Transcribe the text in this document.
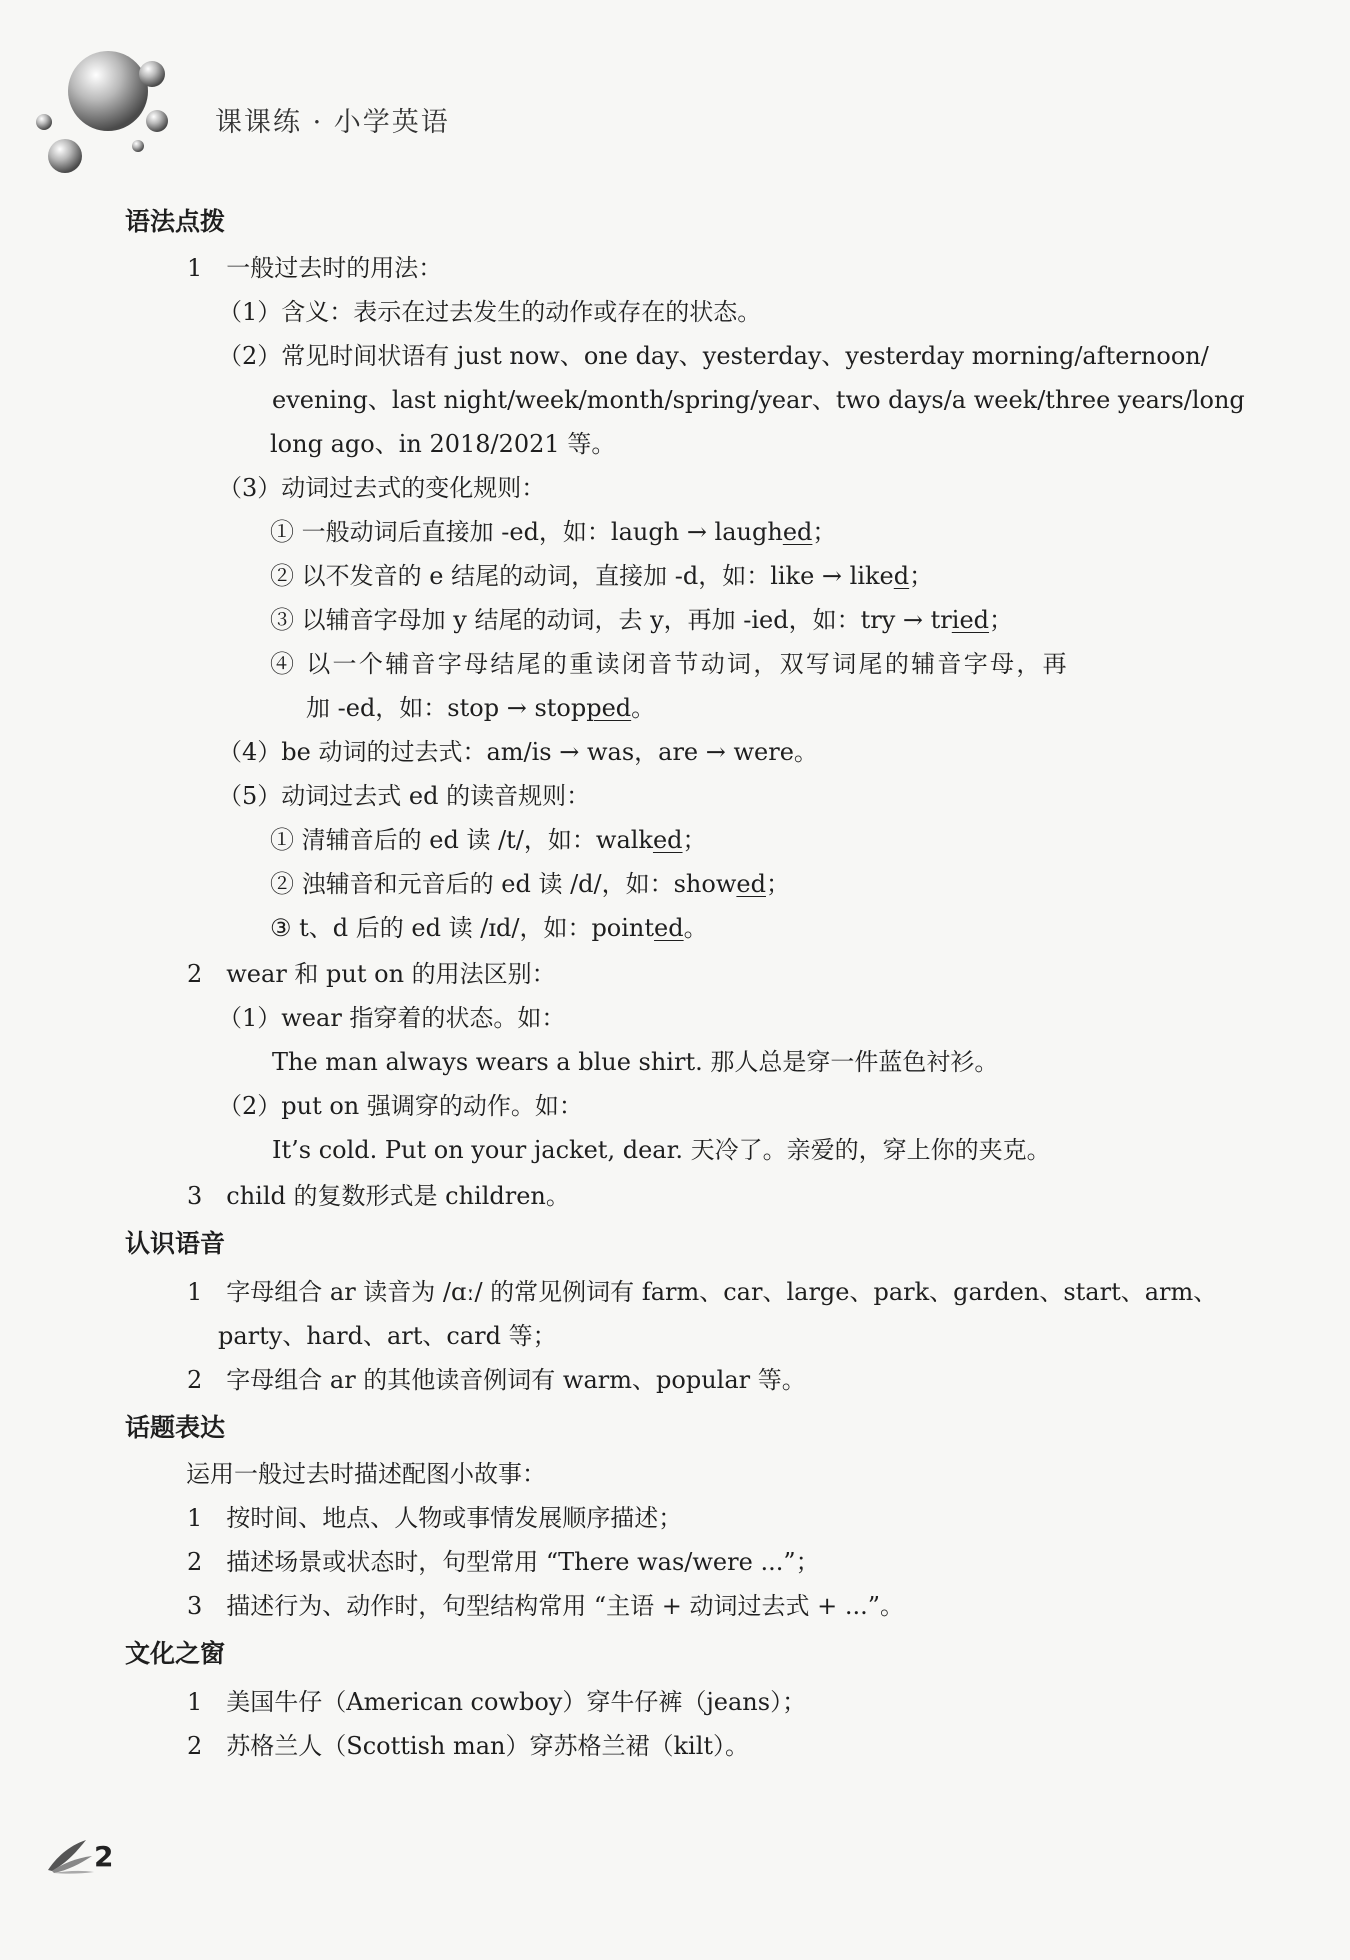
课课练 · 小学英语
语法点拨
1　一般过去时的用法：
（1）含义：表示在过去发生的动作或存在的状态。
（2）常见时间状语有 just now、one day、yesterday、yesterday morning/afternoon/
evening、last night/week/month/spring/year、two days/a week/three years/long
long ago、in 2018/2021 等。
（3）动词过去式的变化规则：
① 一般动词后直接加 -ed，如：laugh → laughed；
② 以不发音的 e 结尾的动词，直接加 -d，如：like → liked；
③ 以辅音字母加 y 结尾的动词，去 y，再加 -ied，如：try → tried；
④ 以一个辅音字母结尾的重读闭音节动词，双写词尾的辅音字母，再
加 -ed，如：stop → stopped。
（4）be 动词的过去式：am/is → was，are → were。
（5）动词过去式 ed 的读音规则：
① 清辅音后的 ed 读 /t/，如：walked；
② 浊辅音和元音后的 ed 读 /d/，如：showed；
③ t、d 后的 ed 读 /ɪd/，如：pointed。
2　wear 和 put on 的用法区别：
（1）wear 指穿着的状态。如：
The man always wears a blue shirt. 那人总是穿一件蓝色衬衫。
（2）put on 强调穿的动作。如：
It’s cold. Put on your jacket, dear. 天冷了。亲爱的，穿上你的夹克。
3　child 的复数形式是 children。
认识语音
1　字母组合 ar 读音为 /ɑː/ 的常见例词有 farm、car、large、park、garden、start、arm、
party、hard、art、card 等；
2　字母组合 ar 的其他读音例词有 warm、popular 等。
话题表达
运用一般过去时描述配图小故事：
1　按时间、地点、人物或事情发展顺序描述；
2　描述场景或状态时，句型常用 “There was/were ...”；
3　描述行为、动作时，句型结构常用 “主语 + 动词过去式 + ...”。
文化之窗
1　美国牛仔（American cowboy）穿牛仔裤（jeans）；
2　苏格兰人（Scottish man）穿苏格兰裙（kilt）。
2
